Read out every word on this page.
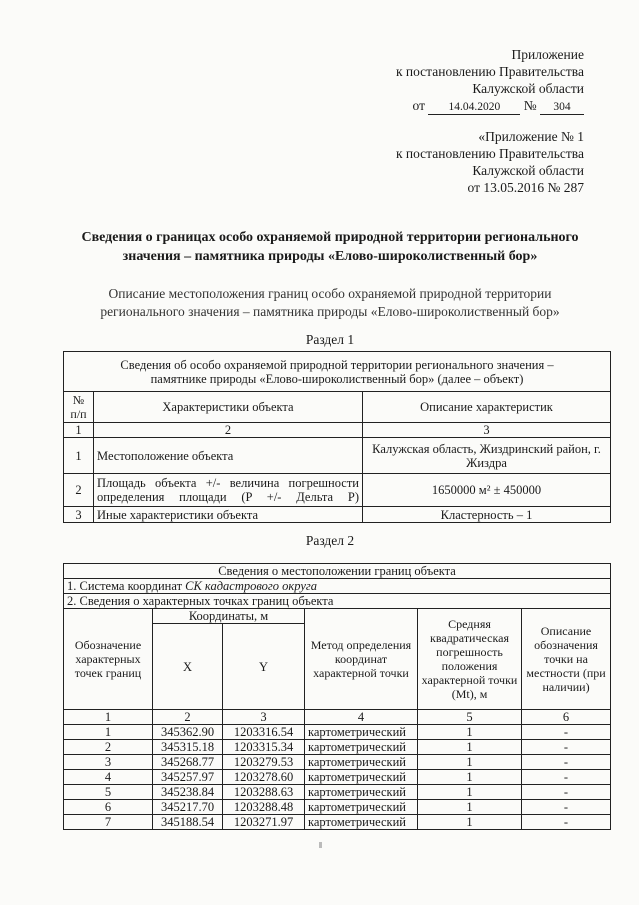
Приложение
к постановлению Правительства
Калужской области
от 14.04.2020 № 304
«Приложение № 1
к постановлению Правительства
Калужской области
от 13.05.2016 № 287
Сведения о границах особо охраняемой природной территории регионального
значения – памятника природы «Елово-широколиственный бор»
Описание местоположения границ особо охраняемой природной территории
регионального значения – памятника природы «Елово-широколиственный бор»
Раздел 1
Сведения об особо охраняемой природной территории регионального значения –
памятнике природы «Елово-широколиственный бор» (далее – объект)		

№ п/п	Характеристики объекта	Описание характеристик
1	2	3
1	Местоположение объекта	Калужская область, Жиздринский район, г. Жиздра
2	Площадь объекта +/- величина погрешности определения площади (P +/- Дельта P)	1650000 м² ± 450000
3	Иные характеристики объекта	Кластерность – 1
Раздел 2
Сведения о местоположении границ объекта					
1. Система координат СК кадастрового округа					
2. Сведения о характерных точках границ объекта					
Обозначение характерных точек границ	Координаты, м		Метод определения координат характерной точки	Средняя квадратическая погрешность положения характерной точки (Mt), м	Описание обозначения точки на местности (при наличии)
	X	Y			
1	2	3	4	5	6
1	345362.90	1203316.54	картометрический	1	-
2	345315.18	1203315.34	картометрический	1	-
3	345268.77	1203279.53	картометрический	1	-
4	345257.97	1203278.60	картометрический	1	-
5	345238.84	1203288.63	картометрический	1	-
6	345217.70	1203288.48	картометрический	1	-
7	345188.54	1203271.97	картометрический	1	-
